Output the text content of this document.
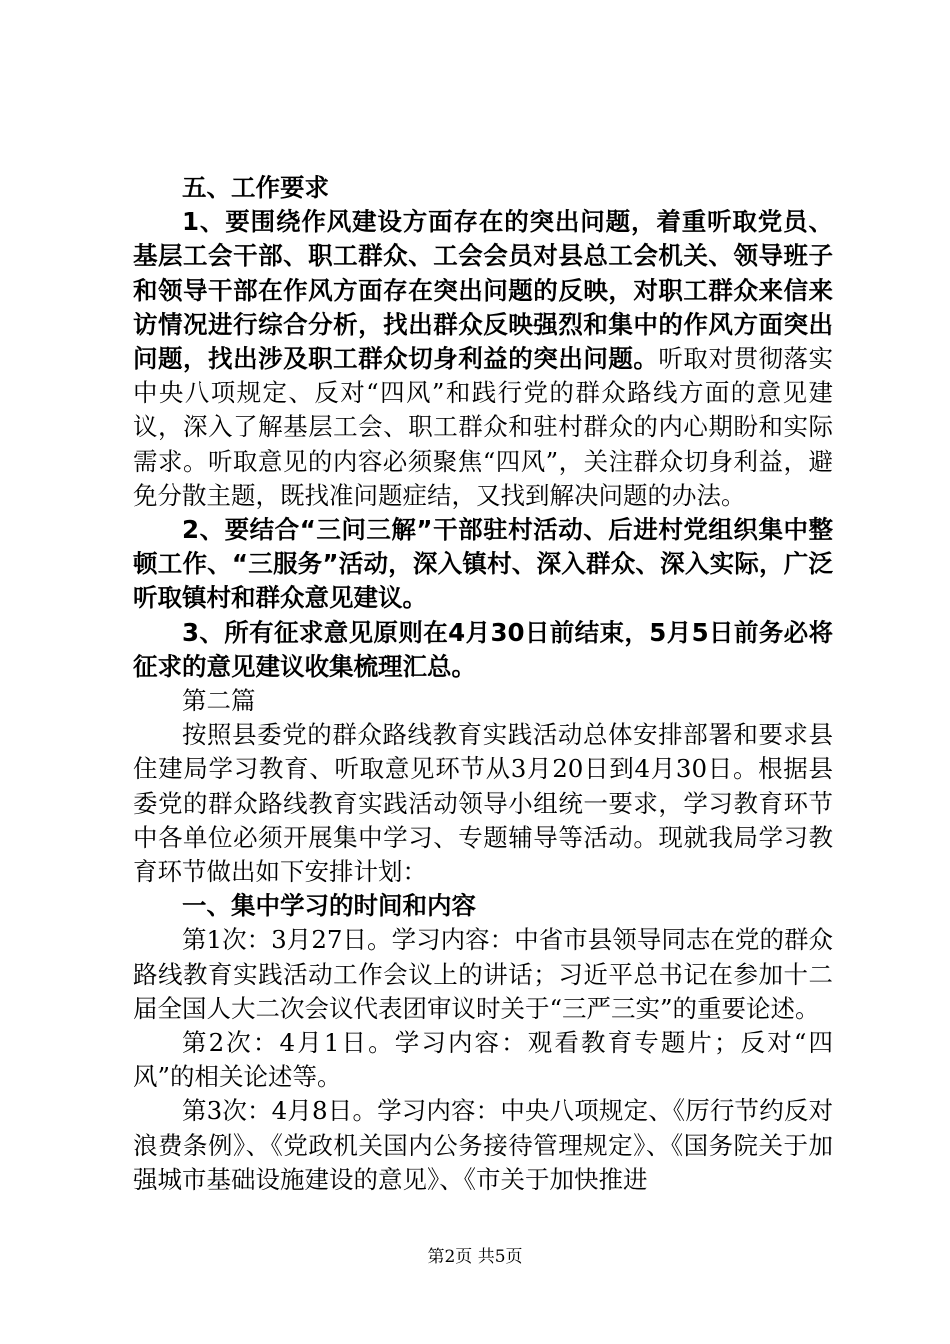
五、工作要求

1、要围绕作风建设方面存在的突出问题，着重听取党员、基层工会干部、职工群众、工会会员对县总工会机关、领导班子和领导干部在作风方面存在突出问题的反映，对职工群众来信来访情况进行综合分析，找出群众反映强烈和集中的作风方面突出问题，找出涉及职工群众切身利益的突出问题。听取对贯彻落实中央八项规定、反对“四风”和践行党的群众路线方面的意见建议，深入了解基层工会、职工群众和驻村群众的内心期盼和实际需求。听取意见的内容必须聚焦“四风”，关注群众切身利益，避免分散主题，既找准问题症结，又找到解决问题的办法。

2、要结合“三问三解”干部驻村活动、后进村党组织集中整顿工作、“三服务”活动，深入镇村、深入群众、深入实际，广泛听取镇村和群众意见建议。

3、所有征求意见原则在4月30日前结束，5月5日前务必将征求的意见建议收集梳理汇总。

第二篇

按照县委党的群众路线教育实践活动总体安排部署和要求县住建局学习教育、听取意见环节从3月20日到4月30日。根据县委党的群众路线教育实践活动领导小组统一要求，学习教育环节中各单位必须开展集中学习、专题辅导等活动。现就我局学习教育环节做出如下安排计划：

一、集中学习的时间和内容

第1次：3月27日。学习内容：中省市县领导同志在党的群众路线教育实践活动工作会议上的讲话；习近平总书记在参加十二届全国人大二次会议代表团审议时关于“三严三实”的重要论述。

第2次：4月1日。学习内容：观看教育专题片；反对“四风”的相关论述等。

第3次：4月8日。学习内容：中央八项规定、《厉行节约反对浪费条例》、《党政机关国内公务接待管理规定》、《国务院关于加强城市基础设施建设的意见》、《市关于加快推进

第2页 共5页
